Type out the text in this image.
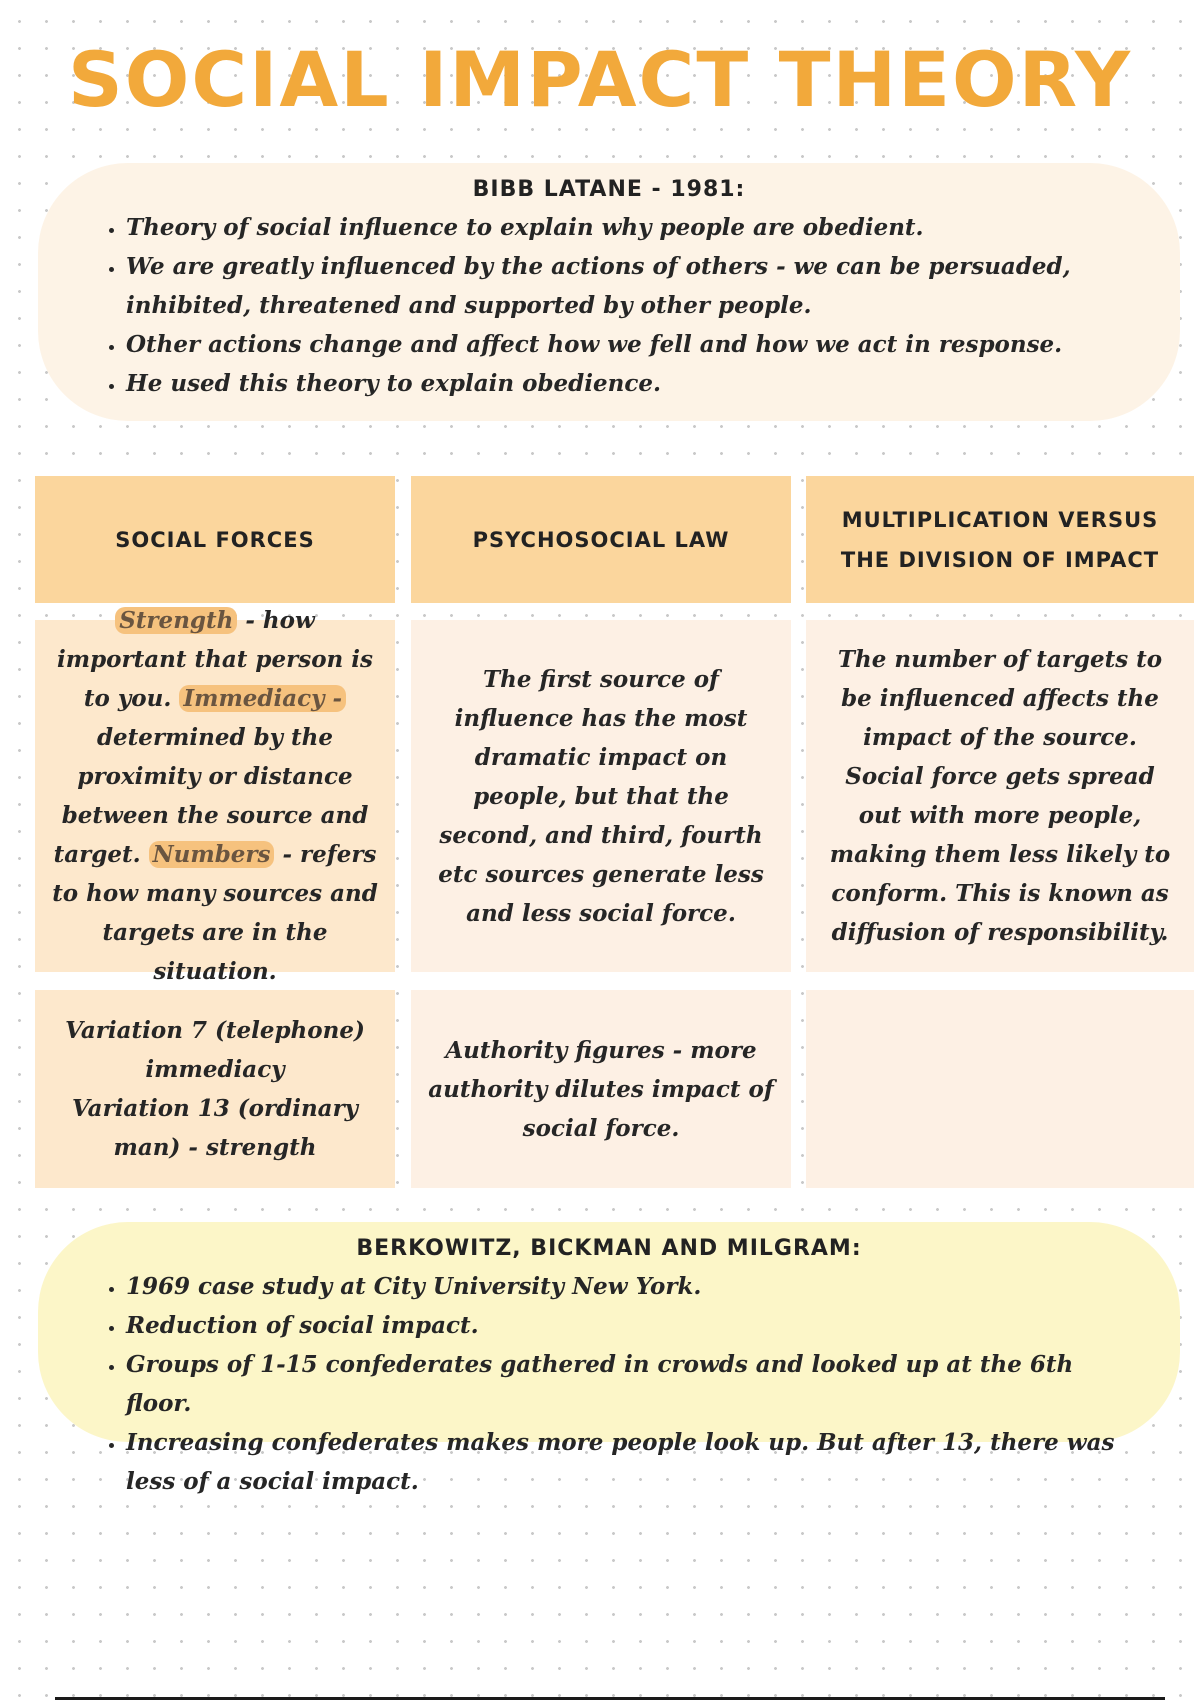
SOCIAL IMPACT THEORY
BIBB LATANE - 1981:
• Theory of social influence to explain why people are obedient.
• We are greatly influenced by the actions of others - we can be persuaded, inhibited, threatened and supported by other people.
• Other actions change and affect how we fell and how we act in response.
• He used this theory to explain obedience.
SOCIAL FORCES	PSYCHOSOCIAL LAW
MULTIPLICATION VERSUS THE DIVISION OF IMPACT
Strength - how important that person is to you. Immediacy - determined by the proximity or distance between the source and target. Numbers - refers to how many sources and targets are in the situation.
The first source of influence has the most dramatic impact on people, but that the second, and third, fourth etc sources generate less and less social force.
The number of targets to be influenced affects the impact of the source. Social force gets spread out with more people, making them less likely to conform. This is known as diffusion of responsibility.
Variation 7 (telephone) immediacy
Variation 13 (ordinary man) - strength
Authority figures - more authority dilutes impact of social force.
BERKOWITZ, BICKMAN AND MILGRAM:
• 1969 case study at City University New York.
• Reduction of social impact.
• Groups of 1-15 confederates gathered in crowds and looked up at the 6th floor.
• Increasing confederates makes more people look up. But after 13, there was less of a social impact.
